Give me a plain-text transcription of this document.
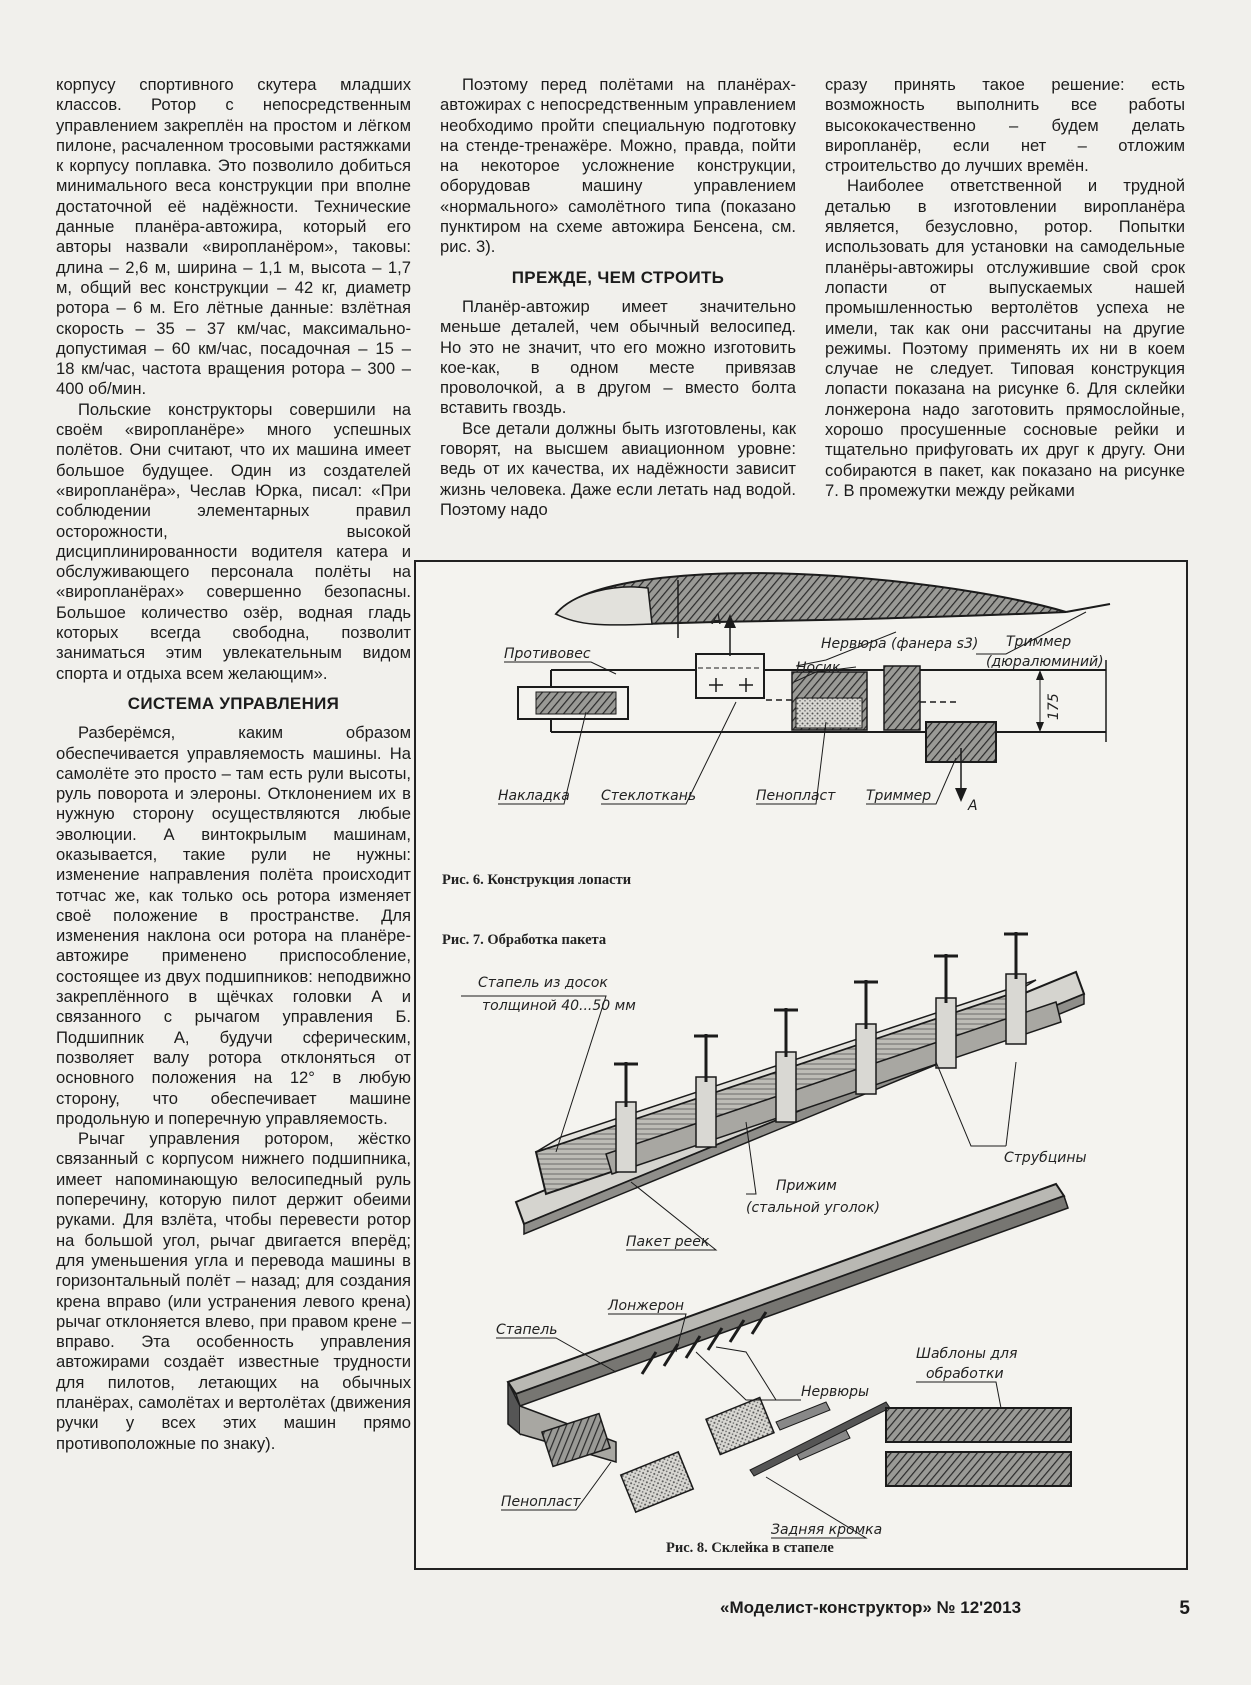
корпусу спортивного скутера младших классов. Ротор с непосредственным управлением закреплён на простом и лёгком пилоне, расчаленном тросовыми растяжками к корпусу поплавка. Это позволило добиться минимального веса конструкции при вполне достаточной её надёжности. Технические данные планёра-автожира, который его авторы назвали «виропланёром», таковы: длина – 2,6 м, ширина – 1,1 м, высота – 1,7 м, общий вес конструкции – 42 кг, диаметр ротора – 6 м. Его лётные данные: взлётная скорость – 35 – 37 км/час, максимально-допустимая – 60 км/час, посадочная – 15 – 18 км/час, частота вращения ротора – 300 – 400 об/мин.

Польские конструкторы совершили на своём «виропланёре» много успешных полётов. Они считают, что их машина имеет большое будущее. Один из создателей «виропланёра», Чеслав Юрка, писал: «При соблюдении элементарных правил осторожности, высокой дисциплинированности водителя катера и обслуживающего персонала полёты на «виропланёрах» совершенно безопасны. Большое количество озёр, водная гладь которых всегда свободна, позволит заниматься этим увлекательным видом спорта и отдыха всем желающим».

СИСТЕМА УПРАВЛЕНИЯ

Разберёмся, каким образом обеспечивается управляемость машины. На самолёте это просто – там есть рули высоты, руль поворота и элероны. Отклонением их в нужную сторону осуществляются любые эволюции. А винтокрылым машинам, оказывается, такие рули не нужны: изменение направления полёта происходит тотчас же, как только ось ротора изменяет своё положение в пространстве. Для изменения наклона оси ротора на планёре-автожире применено приспособление, состоящее из двух подшипников: неподвижно закреплённого в щёчках головки А и связанного с рычагом управления Б. Подшипник А, будучи сферическим, позволяет валу ротора отклоняться от основного положения на 12° в любую сторону, что обеспечивает машине продольную и поперечную управляемость.

Рычаг управления ротором, жёстко связанный с корпусом нижнего подшипника, имеет напоминающую велосипедный руль поперечину, которую пилот держит обеими руками. Для взлёта, чтобы перевести ротор на большой угол, рычаг двигается вперёд; для уменьшения угла и перевода машины в горизонтальный полёт – назад; для создания крена вправо (или устранения левого крена) рычаг отклоняется влево, при правом крене – вправо. Эта особенность управления автожирами создаёт известные трудности для пилотов, летающих на обычных планёрах, самолётах и вертолётах (движения ручки у всех этих машин прямо противоположные по знаку).

Поэтому перед полётами на планёрах-автожирах с непосредственным управлением необходимо пройти специальную подготовку на стенде-тренажёре. Можно, правда, пойти на некоторое усложнение конструкции, оборудовав машину управлением «нормального» самолётного типа (показано пунктиром на схеме автожира Бенсена, см. рис. 3).

ПРЕЖДЕ, ЧЕМ СТРОИТЬ

Планёр-автожир имеет значительно меньше деталей, чем обычный велосипед. Но это не значит, что его можно изготовить кое-как, в одном месте привязав проволочкой, а в другом – вместо болта вставить гвоздь.

Все детали должны быть изготовлены, как говорят, на высшем авиационном уровне: ведь от их качества, их надёжности зависит жизнь человека. Даже если летать над водой. Поэтому надо

сразу принять такое решение: есть возможность выполнить все работы высококачественно – будем делать виропланёр, если нет – отложим строительство до лучших времён.

Наиболее ответственной и трудной деталью в изготовлении виропланёра является, безусловно, ротор. Попытки использовать для установки на самодельные планёры-автожиры отслужившие свой срок лопасти от выпускаемых нашей промышленностью вертолётов успеха не имели, так как они рассчитаны на другие режимы. Поэтому применять их ни в коем случае не следует. Типовая конструкция лопасти показана на рисунке 6. Для склейки лонжерона надо заготовить прямослойные, хорошо просушенные сосновые рейки и тщательно прифуговать их друг к другу. Они собираются в пакет, как показано на рисунке 7. В промежутки между рейками

Противовес
Нервюра (фанера s3)
Носик
Триммер
(дюралюминий)
Накладка Стеклоткань	Пенопласт Триммер
А
А
175
Рис. 6. Конструкция лопасти
Рис. 7. Обработка пакета
Стапель из досок
толщиной 40...50 мм
Струбцины
Прижим
(стальной уголок)
Пакет реек
Лонжерон
Стапель
Нервюры
Шаблоны для
обработки
Пенопласт
Задняя кромка
Рис. 8. Склейка в стапеле
«Моделист-конструктор» № 12'2013	5
